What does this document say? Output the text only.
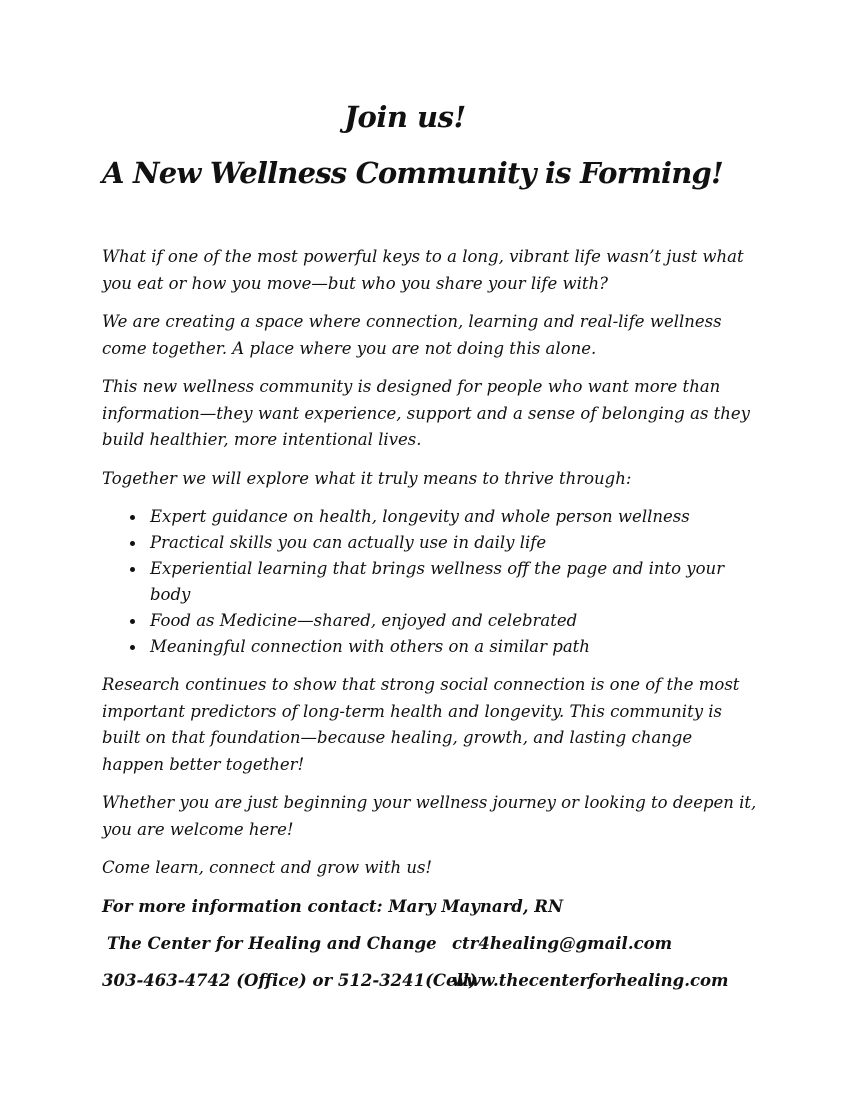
Join us!
A New Wellness Community is Forming!

What if one of the most powerful keys to a long, vibrant life wasn’t just what you eat or how you move—but who you share your life with?

We are creating a space where connection, learning and real-life wellness come together. A place where you are not doing this alone.

This new wellness community is designed for people who want more than information—they want experience, support and a sense of belonging as they build healthier, more intentional lives.

Together we will explore what it truly means to thrive through:

Expert guidance on health, longevity and whole person wellness
Practical skills you can actually use in daily life
Experiential learning that brings wellness off the page and into your body
Food as Medicine—shared, enjoyed and celebrated
Meaningful connection with others on a similar path

Research continues to show that strong social connection is one of the most important predictors of long-term health and longevity. This community is built on that foundation—because healing, growth, and lasting change happen better together!

Whether you are just beginning your wellness journey or looking to deepen it, you are welcome here!

Come learn, connect and grow with us!

For more information contact: Mary Maynard, RN
The Center for Healing and Change ctr4healing@gmail.com
303-463-4742 (Office) or 512-3241(Cell)
www.thecenterforhealing.com
